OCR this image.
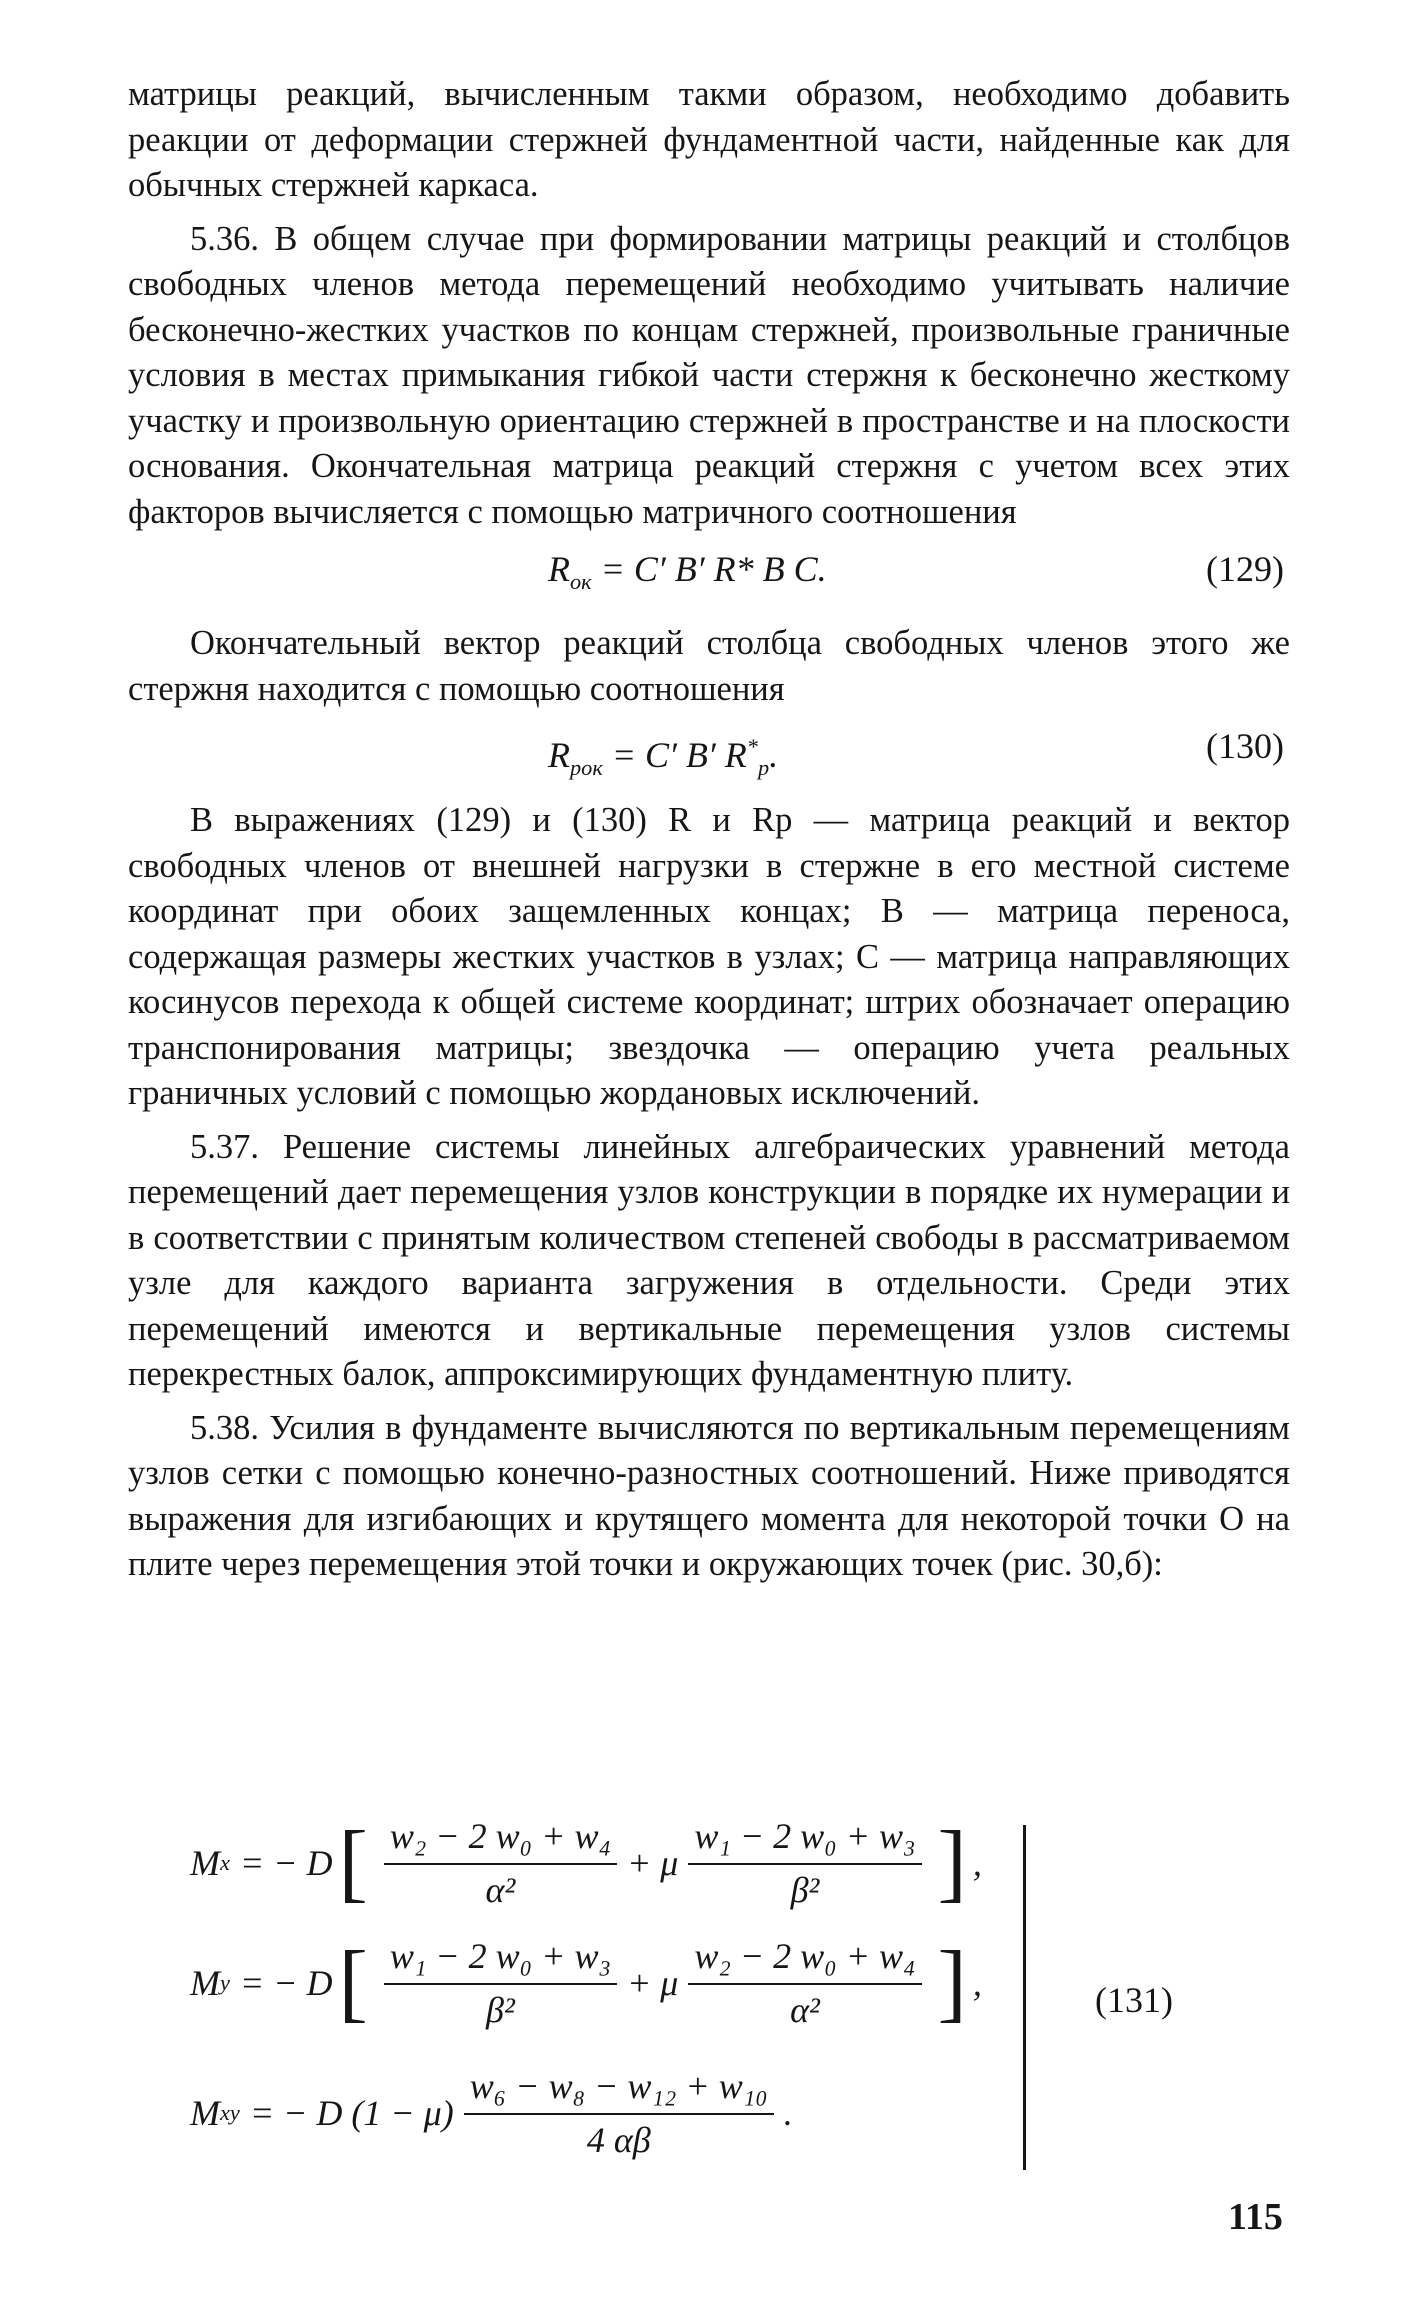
матрицы реакций, вычисленным такми образом, необходимо добавить реакции от деформации стержней фундаментной части, найденные как для обычных стержней каркаса.

5.36. В общем случае при формировании матрицы реакций и столбцов свободных членов метода перемещений необходимо учитывать наличие бесконечно-жестких участков по концам стержней, произвольные граничные условия в местах примыкания гибкой части стержня к бесконечно жесткому участку и произвольную ориентацию стержней в пространстве и на плоскости основания. Окончательная матрица реакций стержня с учетом всех этих факторов вычисляется с помощью матричного соотношения

$R_{ок} = C'$ B′ R* B C.	(129)

Окончательный вектор реакций столбца свободных членов этого же стержня находится с помощью соотношения

$R_{рок} = C'$ B′ $R^*_р$.	(130)

В выражениях (129) и (130) R и Rр — матрица реакций и вектор свободных членов от внешней нагрузки в стержне в его местной системе координат при обоих защемленных концах; B — матрица переноса, содержащая размеры жестких участков в узлах; C — матрица направляющих косинусов перехода к общей системе координат; штрих обозначает операцию транспонирования матрицы; звездочка — операцию учета реальных граничных условий с помощью жордановых исключений.

5.37. Решение системы линейных алгебраических уравнений метода перемещений дает перемещения узлов конструкции в порядке их нумерации и в соответствии с принятым количеством степеней свободы в рассматриваемом узле для каждого варианта загружения в отдельности. Среди этих перемещений имеются и вертикальные перемещения узлов системы перекрестных балок, аппроксимирующих фундаментную плиту.

5.38. Усилия в фундаменте вычисляются по вертикальным перемещениям узлов сетки с помощью конечно-разностных соотношений. Ниже приводятся выражения для изгибающих и крутящего момента для некоторой точки O на плите через перемещения этой точки и окружающих точек (рис. 30,б):

M x = − D [ $\frac{\text{w₂ − 2 w₀ + w₄}}{\text{α²}} + \mu \frac{\text{w₁ − 2 w₀ + w₃}}{\text{β²}}$ ] ,
M y = − D [ $\frac{\text{w₁ − 2 w₀ + w₃}}{\text{β²}} + \mu \frac{\text{w₂ − 2 w₀ + w₄}}{\text{α²}}$ ] ,
M xy = − D $(1 - \mu) \frac{\text{w₆ − w₈ − w₁₂ + w₁₀}}{4 \alpha\beta}$ .
(131)
115
